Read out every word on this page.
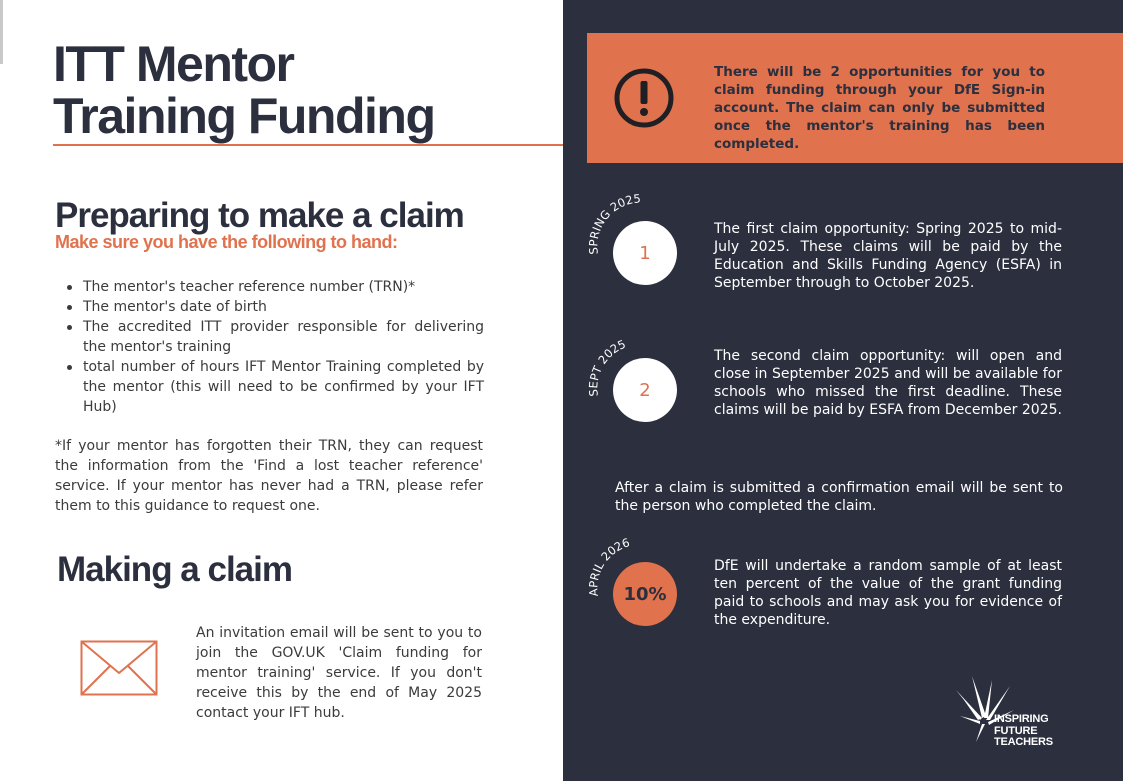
ITT Mentor
Training Funding
Preparing to make a claim
Make sure you have the following to hand:
The mentor's teacher reference number (TRN)*
The mentor's date of birth
The accredited ITT provider responsible for delivering the mentor's training
total number of hours IFT Mentor Training completed by the mentor (this will need to be confirmed by your IFT Hub)

*If your mentor has forgotten their TRN, they can request the information from the 'Find a lost teacher reference' service. If your mentor has never had a TRN, please refer them to this guidance to request one.

Making a claim

An invitation email will be sent to you to join the GOV.UK 'Claim funding for mentor training' service. If you don't receive this by the end of May 2025 contact your IFT hub.

There will be 2 opportunities for you to claim funding through your DfE Sign-in account. The claim can only be submitted once the mentor's training has been completed.

SPRING 2025
1

The first claim opportunity: Spring 2025 to mid-July 2025. These claims will be paid by the Education and Skills Funding Agency (ESFA) in September through to October 2025.

SEPT 2025
2

The second claim opportunity: will open and close in September 2025 and will be available for schools who missed the first deadline. These claims will be paid by ESFA from December 2025.

After a claim is submitted a confirmation email will be sent to the person who completed the claim.

APRIL 2026
10%

DfE will undertake a random sample of at least ten percent of the value of the grant funding paid to schools and may ask you for evidence of the expenditure.

INSPIRING
FUTURE
TEACHERS
